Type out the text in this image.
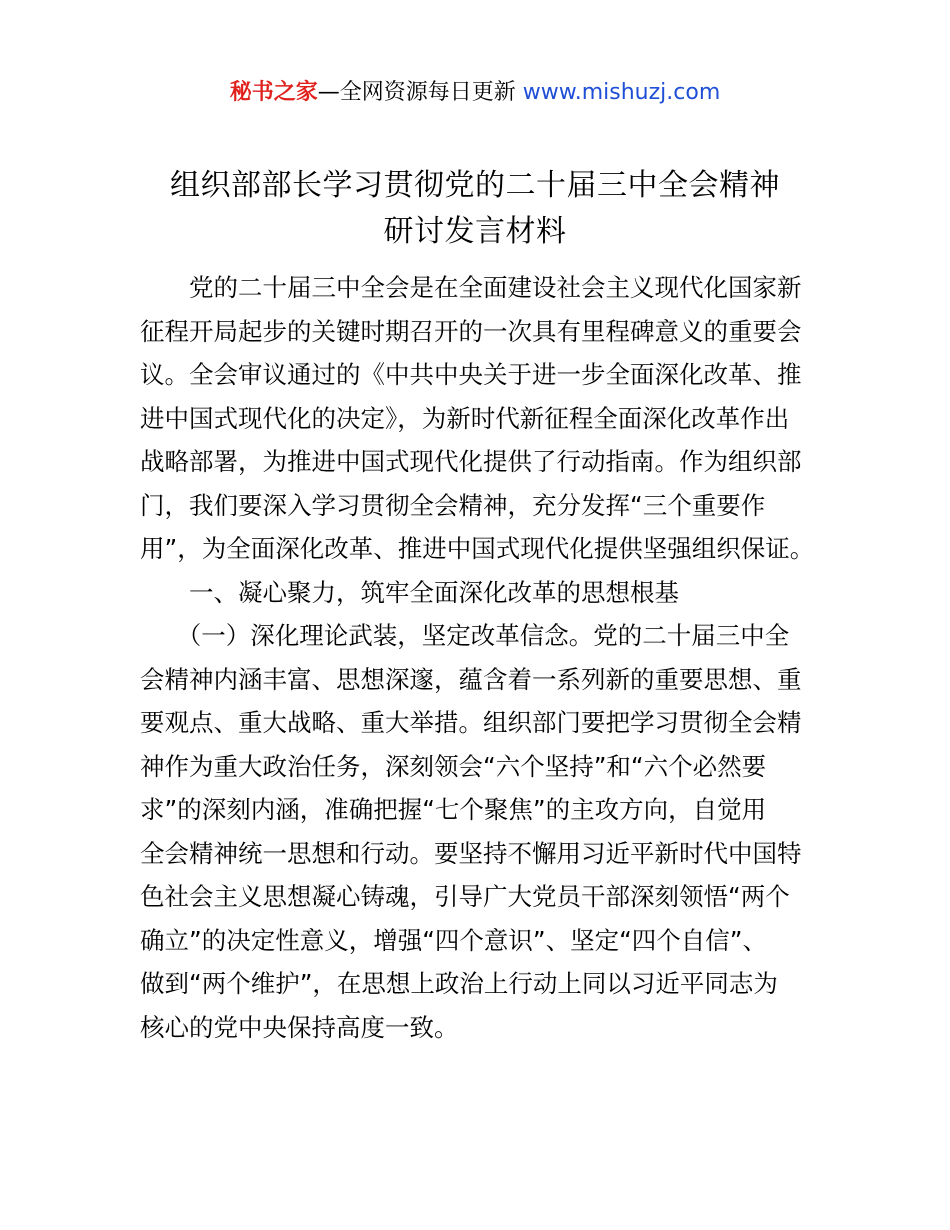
秘书之家—全网资源每日更新 www.mishuzj.com
组织部部长学习贯彻党的二十届三中全会精神
研讨发言材料
　　党的二十届三中全会是在全面建设社会主义现代化国家新
征程开局起步的关键时期召开的一次具有里程碑意义的重要会
议。全会审议通过的《中共中央关于进一步全面深化改革、推
进中国式现代化的决定》，为新时代新征程全面深化改革作出
战略部署，为推进中国式现代化提供了行动指南。作为组织部
门，我们要深入学习贯彻全会精神，充分发挥“三个重要作
用”，为全面深化改革、推进中国式现代化提供坚强组织保证。
　　一、凝心聚力，筑牢全面深化改革的思想根基
　　（一）深化理论武装，坚定改革信念。党的二十届三中全
会精神内涵丰富、思想深邃，蕴含着一系列新的重要思想、重
要观点、重大战略、重大举措。组织部门要把学习贯彻全会精
神作为重大政治任务，深刻领会“六个坚持”和“六个必然要
求”的深刻内涵，准确把握“七个聚焦”的主攻方向，自觉用
全会精神统一思想和行动。要坚持不懈用习近平新时代中国特
色社会主义思想凝心铸魂，引导广大党员干部深刻领悟“两个
确立”的决定性意义，增强“四个意识”、坚定“四个自信”、
做到“两个维护”，在思想上政治上行动上同以习近平同志为
核心的党中央保持高度一致。
